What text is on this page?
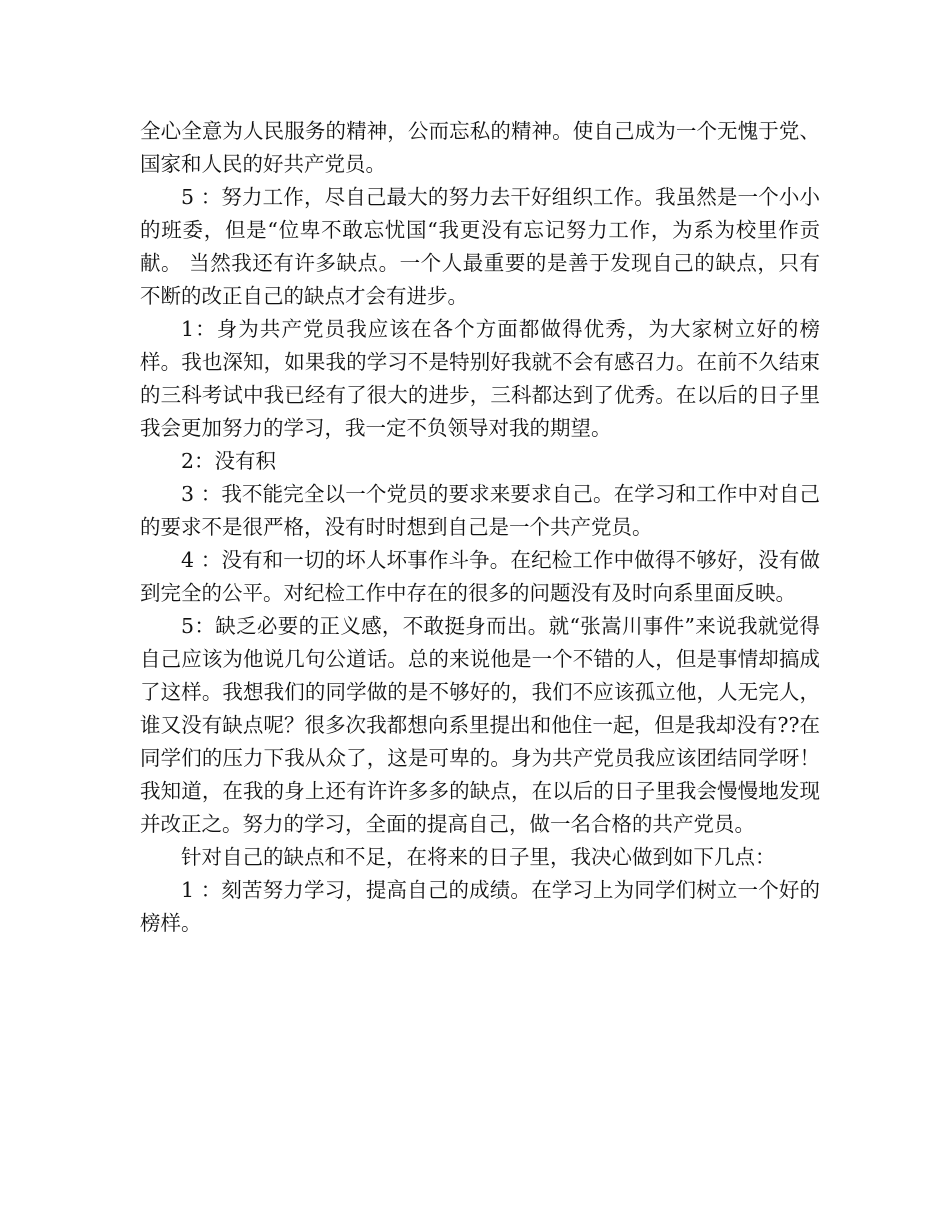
全心全意为人民服务的精神，公而忘私的精神。使自己成为一个无愧于党、国家和人民的好共产党员。

5 ：努力工作，尽自己最大的努力去干好组织工作。我虽然是一个小小的班委，但是“位卑不敢忘忧国“我更没有忘记努力工作，为系为校里作贡献。 当然我还有许多缺点。一个人最重要的是善于发现自己的缺点，只有不断的改正自己的缺点才会有进步。

1：身为共产党员我应该在各个方面都做得优秀，为大家树立好的榜样。我也深知，如果我的学习不是特别好我就不会有感召力。在前不久结束的三科考试中我已经有了很大的进步，三科都达到了优秀。在以后的日子里我会更加努力的学习，我一定不负领导对我的期望。

2：没有积

3 ：我不能完全以一个党员的要求来要求自己。在学习和工作中对自己的要求不是很严格，没有时时想到自己是一个共产党员。

4 ：没有和一切的坏人坏事作斗争。在纪检工作中做得不够好，没有做到完全的公平。对纪检工作中存在的很多的问题没有及时向系里面反映。

5：缺乏必要的正义感，不敢挺身而出。就“张嵩川事件”来说我就觉得自己应该为他说几句公道话。总的来说他是一个不错的人，但是事情却搞成了这样。我想我们的同学做的是不够好的，我们不应该孤立他，人无完人，谁又没有缺点呢？很多次我都想向系里提出和他住一起，但是我却没有??在同学们的压力下我从众了，这是可卑的。身为共产党员我应该团结同学呀！我知道，在我的身上还有许许多多的缺点，在以后的日子里我会慢慢地发现并改正之。努力的学习，全面的提高自己，做一名合格的共产党员。

针对自己的缺点和不足，在将来的日子里，我决心做到如下几点：

1 ：刻苦努力学习，提高自己的成绩。在学习上为同学们树立一个好的榜样。
